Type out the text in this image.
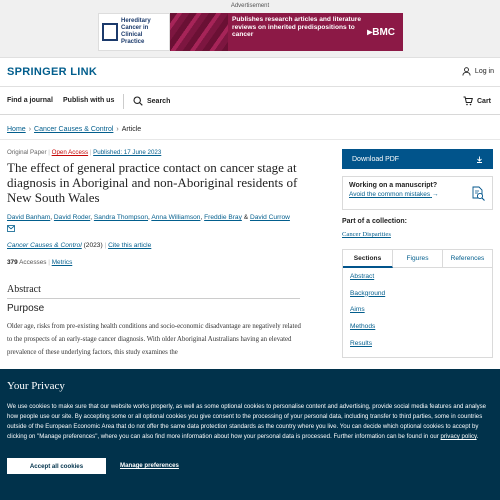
Advertisement
Hereditary Cancer in Clinical Practice
Publishes research articles and literature reviews on inherited predispositions to cancer	▸BMC
SPRINGER LINK	Log in
Find a journal Publish with us	Search	Cart
Home › Cancer Causes & Control › Article
Original Paper | Open Access | Published: 17 June 2023
The effect of general practice contact on cancer stage at diagnosis in Aboriginal and non-Aboriginal residents of New South Wales
David Banham, David Roder, Sandra Thompson, Anna Williamson, Freddie Bray & David Currow

Cancer Causes & Control (2023) | Cite this article
379 Accesses | Metrics
Abstract
Purpose

Older age, risks from pre-existing health conditions and socio-economic disadvantage are negatively related to the prospects of an early-stage cancer diagnosis. With older Aboriginal Australians having an elevated prevalence of these underlying factors, this study examines the

Download PDF
Working on a manuscript?
Avoid the common mistakes →
Part of a collection:
Cancer Disparities
Sections	Figures	References
Abstract
Background
Aims
Methods
Results
Your Privacy

We use cookies to make sure that our website works properly, as well as some optional cookies to personalise content and advertising, provide social media features and analyse how people use our site. By accepting some or all optional cookies you give consent to the processing of your personal data, including transfer to third parties, some in countries outside of the European Economic Area that do not offer the same data protection standards as the country where you live. You can decide which optional cookies to accept by clicking on "Manage preferences", where you can also find more information about how your personal data is processed. Further information can be found in our privacy policy.

Accept all cookies	Manage preferences
